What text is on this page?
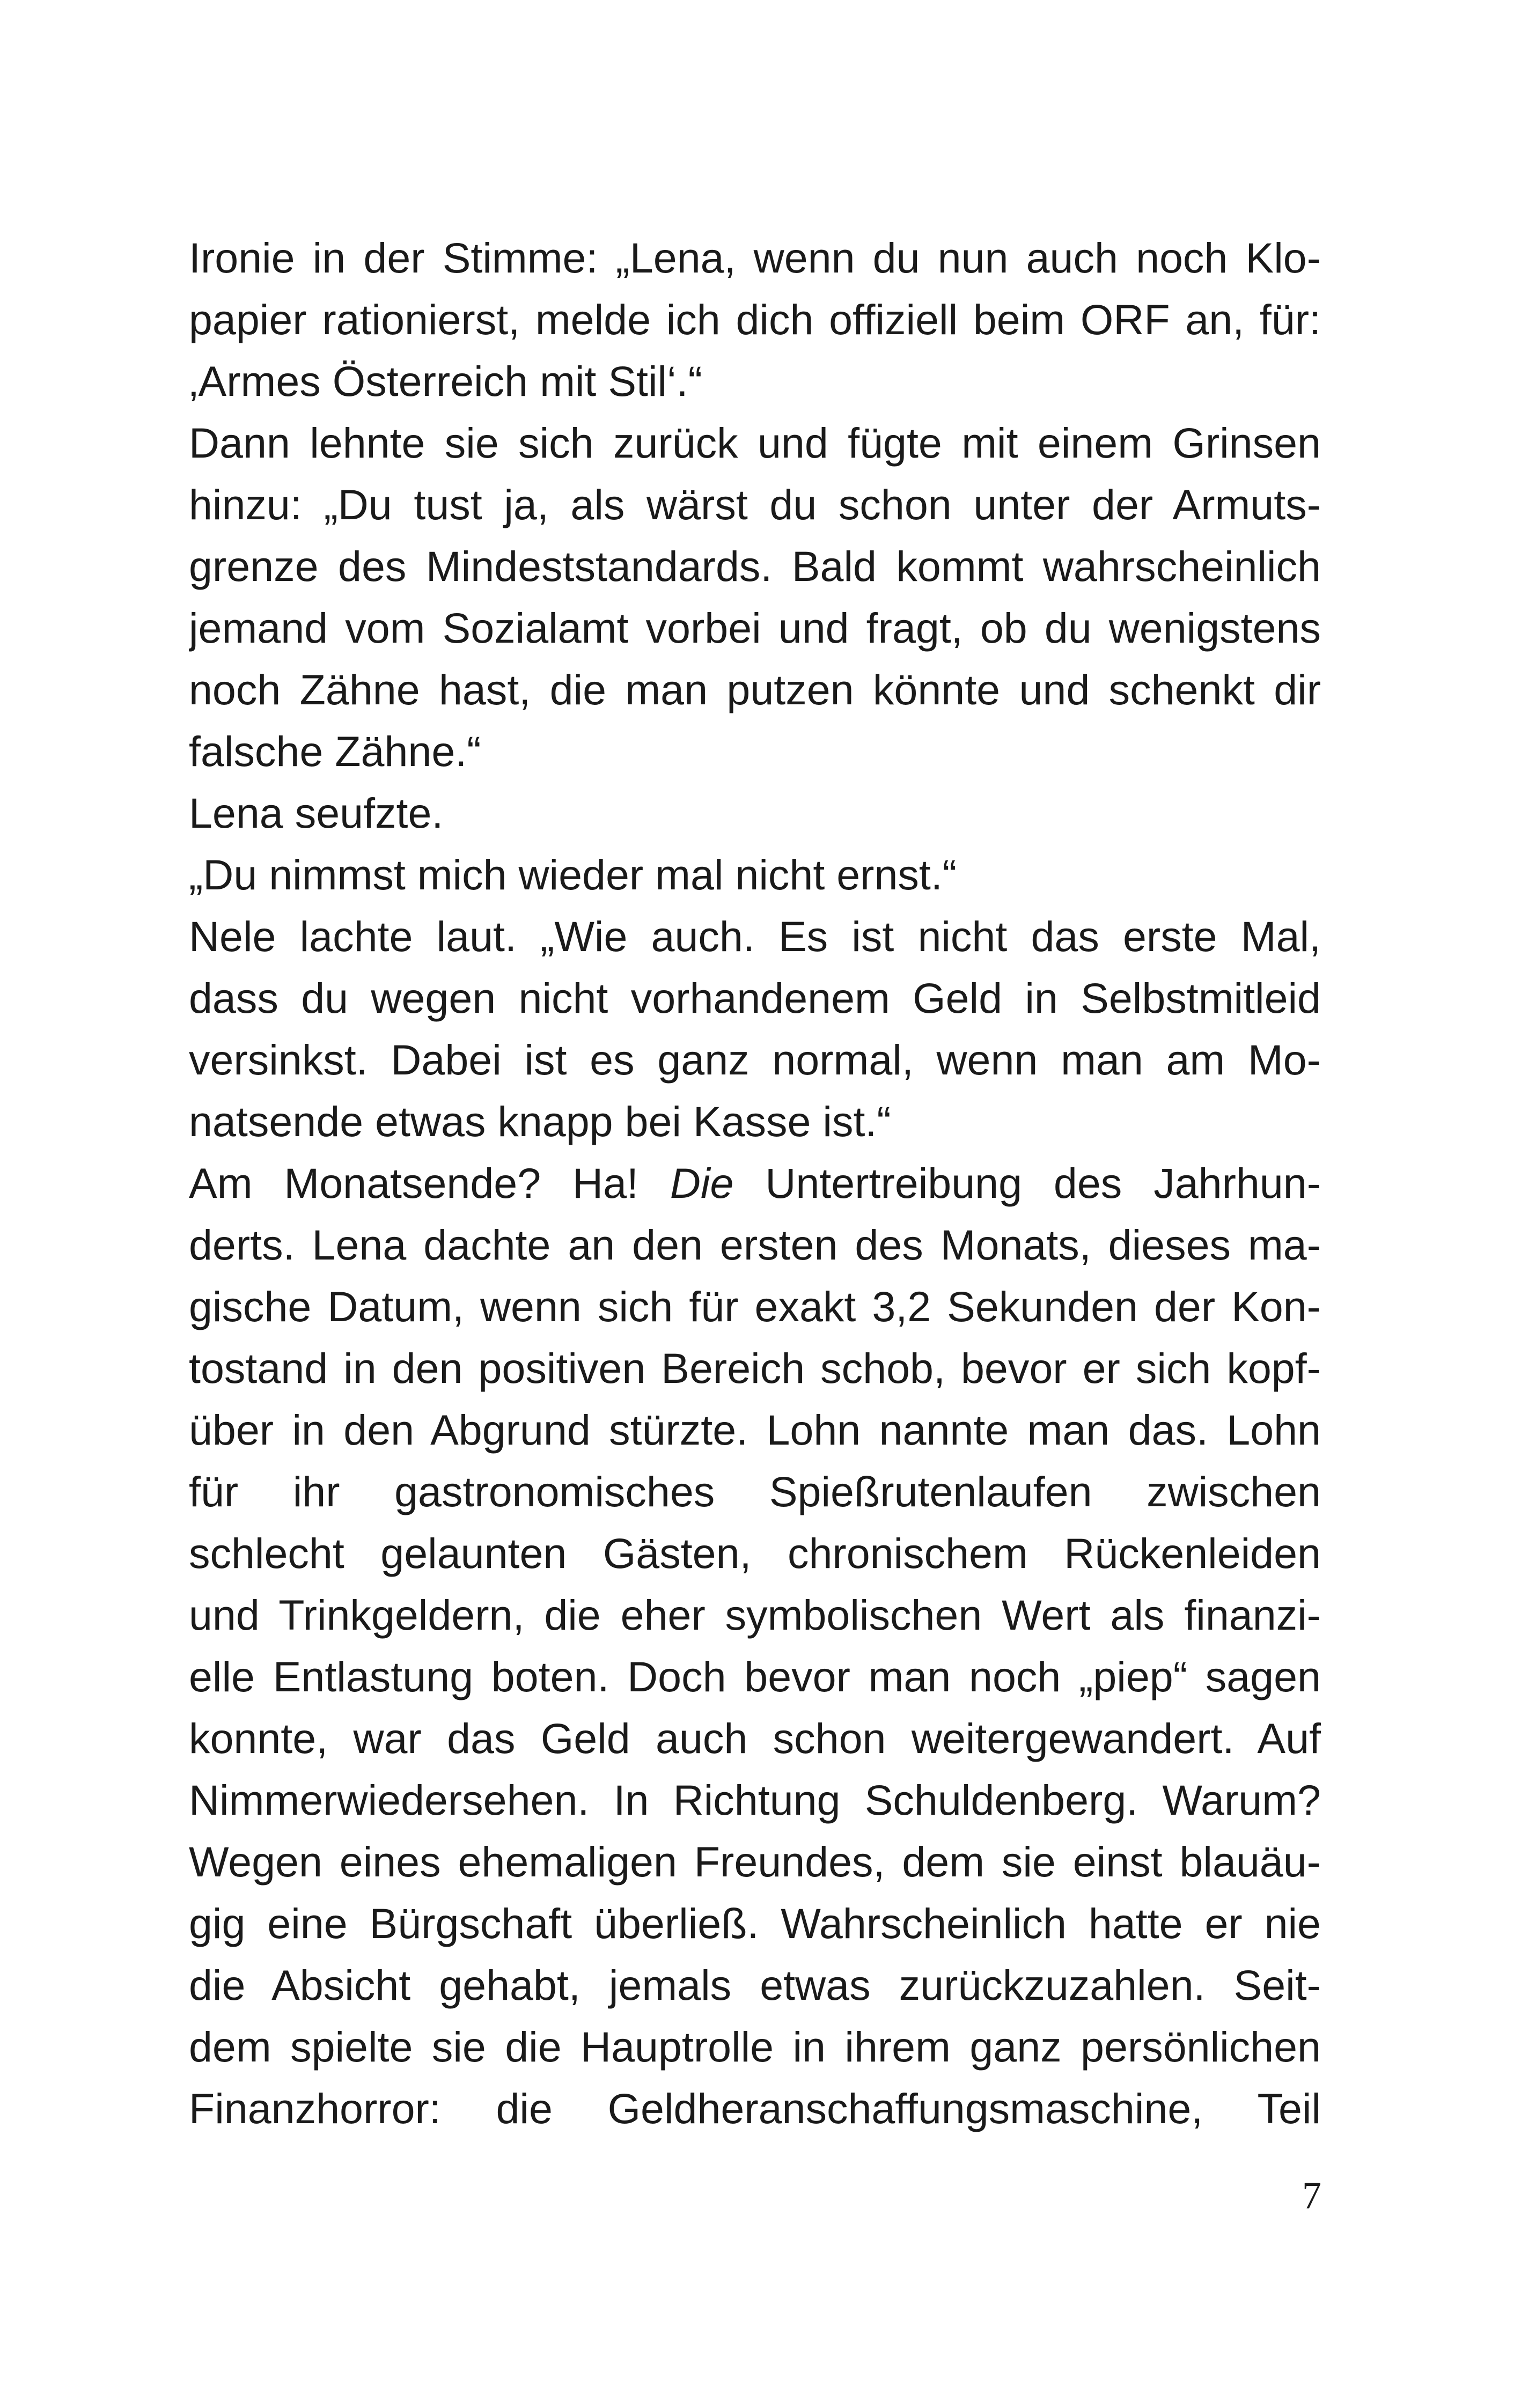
Ironie in der Stimme: „Lena, wenn du nun auch noch Klo-
papier rationierst, melde ich dich offiziell beim ORF an, für:
‚Armes Österreich mit Stil‘.“
Dann lehnte sie sich zurück und fügte mit einem Grinsen
hinzu: „Du tust ja, als wärst du schon unter der Armuts-
grenze des Mindeststandards. Bald kommt wahrscheinlich
jemand vom Sozialamt vorbei und fragt, ob du wenigstens
noch Zähne hast, die man putzen könnte und schenkt dir
falsche Zähne.“
Lena seufzte.
„Du nimmst mich wieder mal nicht ernst.“
Nele lachte laut. „Wie auch. Es ist nicht das erste Mal,
dass du wegen nicht vorhandenem Geld in Selbstmitleid
versinkst. Dabei ist es ganz normal, wenn man am Mo-
natsende etwas knapp bei Kasse ist.“
Am Monatsende? Ha! Die Untertreibung des Jahrhun-
derts. Lena dachte an den ersten des Monats, dieses ma-
gische Datum, wenn sich für exakt 3,2 Sekunden der Kon-
tostand in den positiven Bereich schob, bevor er sich kopf-
über in den Abgrund stürzte. Lohn nannte man das. Lohn
für ihr gastronomisches Spießrutenlaufen zwischen
schlecht gelaunten Gästen, chronischem Rückenleiden
und Trinkgeldern, die eher symbolischen Wert als finanzi-
elle Entlastung boten. Doch bevor man noch „piep“ sagen
konnte, war das Geld auch schon weitergewandert. Auf
Nimmerwiedersehen. In Richtung Schuldenberg. Warum?
Wegen eines ehemaligen Freundes, dem sie einst blauäu-
gig eine Bürgschaft überließ. Wahrscheinlich hatte er nie
die Absicht gehabt, jemals etwas zurückzuzahlen. Seit-
dem spielte sie die Hauptrolle in ihrem ganz persönlichen
Finanzhorror: die Geldheranschaffungsmaschine, Teil
7
